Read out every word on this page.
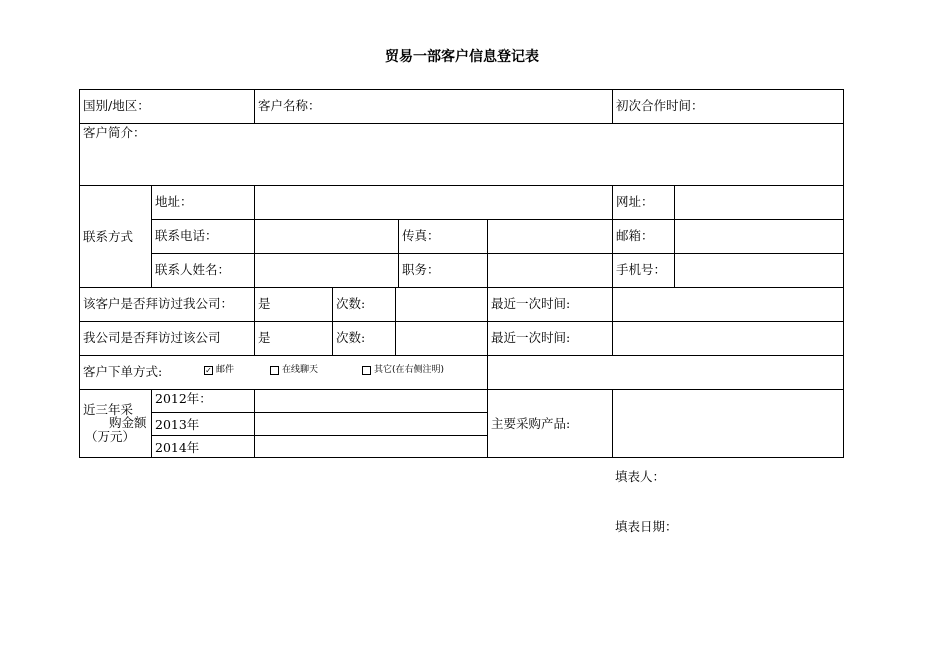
贸易一部客户信息登记表
国别/地区：	客户名称：	初次合作时间：
客户简介：
联系方式
地址：	网址：
联系电话：	传真：	邮箱：
联系人姓名：	职务：	手机号：
该客户是否拜访过我公司：	是	次数:	最近一次时间:
我公司是否拜访过该公司	是	次数:	最近一次时间:
客户下单方式:	✓ 邮件	在线聊天	其它(在右侧注明)
近三年采
购金额
（万元）
2012年：
2013年
2014年
主要采购产品:
填表人：
填表日期：
